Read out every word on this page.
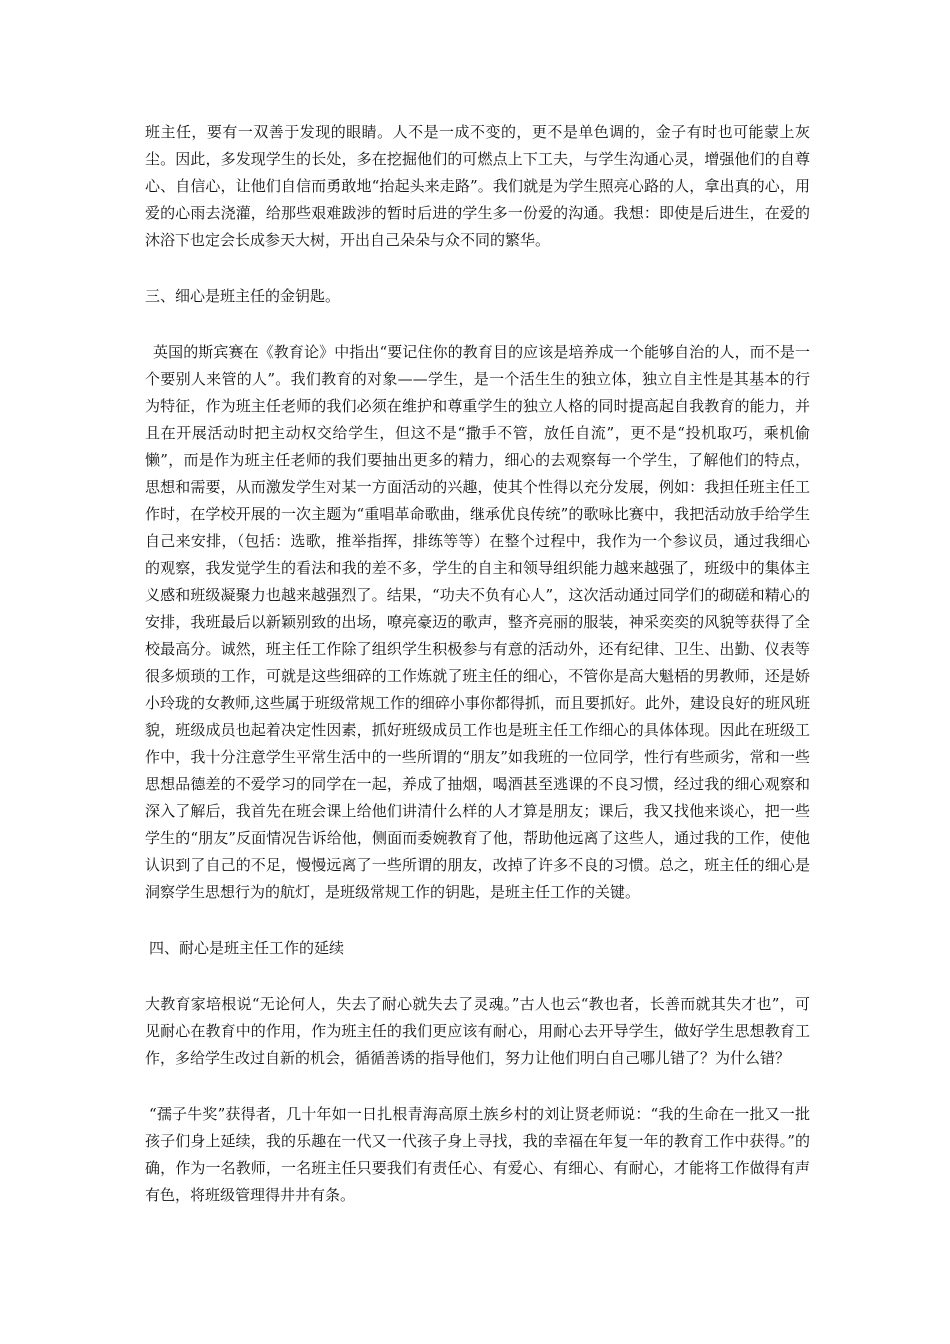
班主任，要有一双善于发现的眼睛。人不是一成不变的，更不是单色调的，金子有时也可能蒙上灰尘。因此，多发现学生的长处，多在挖掘他们的可燃点上下工夫，与学生沟通心灵，增强他们的自尊心、自信心，让他们自信而勇敢地“抬起头来走路”。我们就是为学生照亮心路的人，拿出真的心，用爱的心雨去浇灌，给那些艰难跋涉的暂时后进的学生多一份爱的沟通。我想：即使是后进生，在爱的沐浴下也定会长成参天大树，开出自己朵朵与众不同的繁华。

三、细心是班主任的金钥匙。

英国的斯宾赛在《教育论》中指出“要记住你的教育目的应该是培养成一个能够自治的人，而不是一个要别人来管的人”。我们教育的对象——学生，是一个活生生的独立体，独立自主性是其基本的行为特征，作为班主任老师的我们必须在维护和尊重学生的独立人格的同时提高起自我教育的能力，并且在开展活动时把主动权交给学生，但这不是“撒手不管，放任自流”，更不是“投机取巧，乘机偷懒”，而是作为班主任老师的我们要抽出更多的精力，细心的去观察每一个学生，了解他们的特点，思想和需要，从而激发学生对某一方面活动的兴趣，使其个性得以充分发展，例如：我担任班主任工作时，在学校开展的一次主题为“重唱革命歌曲，继承优良传统”的歌咏比赛中，我把活动放手给学生自己来安排，（包括：选歌，推举指挥，排练等等）在整个过程中，我作为一个参议员，通过我细心的观察，我发觉学生的看法和我的差不多，学生的自主和领导组织能力越来越强了，班级中的集体主义感和班级凝聚力也越来越强烈了。结果，“功夫不负有心人”，这次活动通过同学们的砌磋和精心的安排，我班最后以新颖别致的出场，嘹亮豪迈的歌声，整齐亮丽的服装，神采奕奕的风貌等获得了全校最高分。诚然，班主任工作除了组织学生积极参与有意的活动外，还有纪律、卫生、出勤、仪表等很多烦琐的工作，可就是这些细碎的工作炼就了班主任的细心，不管你是高大魁梧的男教师，还是娇小玲珑的女教师,这些属于班级常规工作的细碎小事你都得抓，而且要抓好。此外，建设良好的班风班貌，班级成员也起着决定性因素，抓好班级成员工作也是班主任工作细心的具体体现。因此在班级工作中，我十分注意学生平常生活中的一些所谓的“朋友”如我班的一位同学，性行有些顽劣，常和一些思想品德差的不爱学习的同学在一起，养成了抽烟，喝酒甚至逃课的不良习惯，经过我的细心观察和深入了解后，我首先在班会课上给他们讲清什么样的人才算是朋友；课后，我又找他来谈心，把一些学生的“朋友”反面情况告诉给他，侧面而委婉教育了他，帮助他远离了这些人，通过我的工作，使他认识到了自己的不足，慢慢远离了一些所谓的朋友，改掉了许多不良的习惯。总之，班主任的细心是洞察学生思想行为的航灯，是班级常规工作的钥匙，是班主任工作的关键。

四、耐心是班主任工作的延续

大教育家培根说“无论何人，失去了耐心就失去了灵魂。”古人也云“教也者，长善而就其失才也”，可见耐心在教育中的作用，作为班主任的我们更应该有耐心，用耐心去开导学生，做好学生思想教育工作，多给学生改过自新的机会，循循善诱的指导他们，努力让他们明白自己哪儿错了？为什么错？

“孺子牛奖”获得者，几十年如一日扎根青海高原土族乡村的刘让贤老师说：“我的生命在一批又一批孩子们身上延续，我的乐趣在一代又一代孩子身上寻找，我的幸福在年复一年的教育工作中获得。”的确，作为一名教师，一名班主任只要我们有责任心、有爱心、有细心、有耐心，才能将工作做得有声有色，将班级管理得井井有条。
